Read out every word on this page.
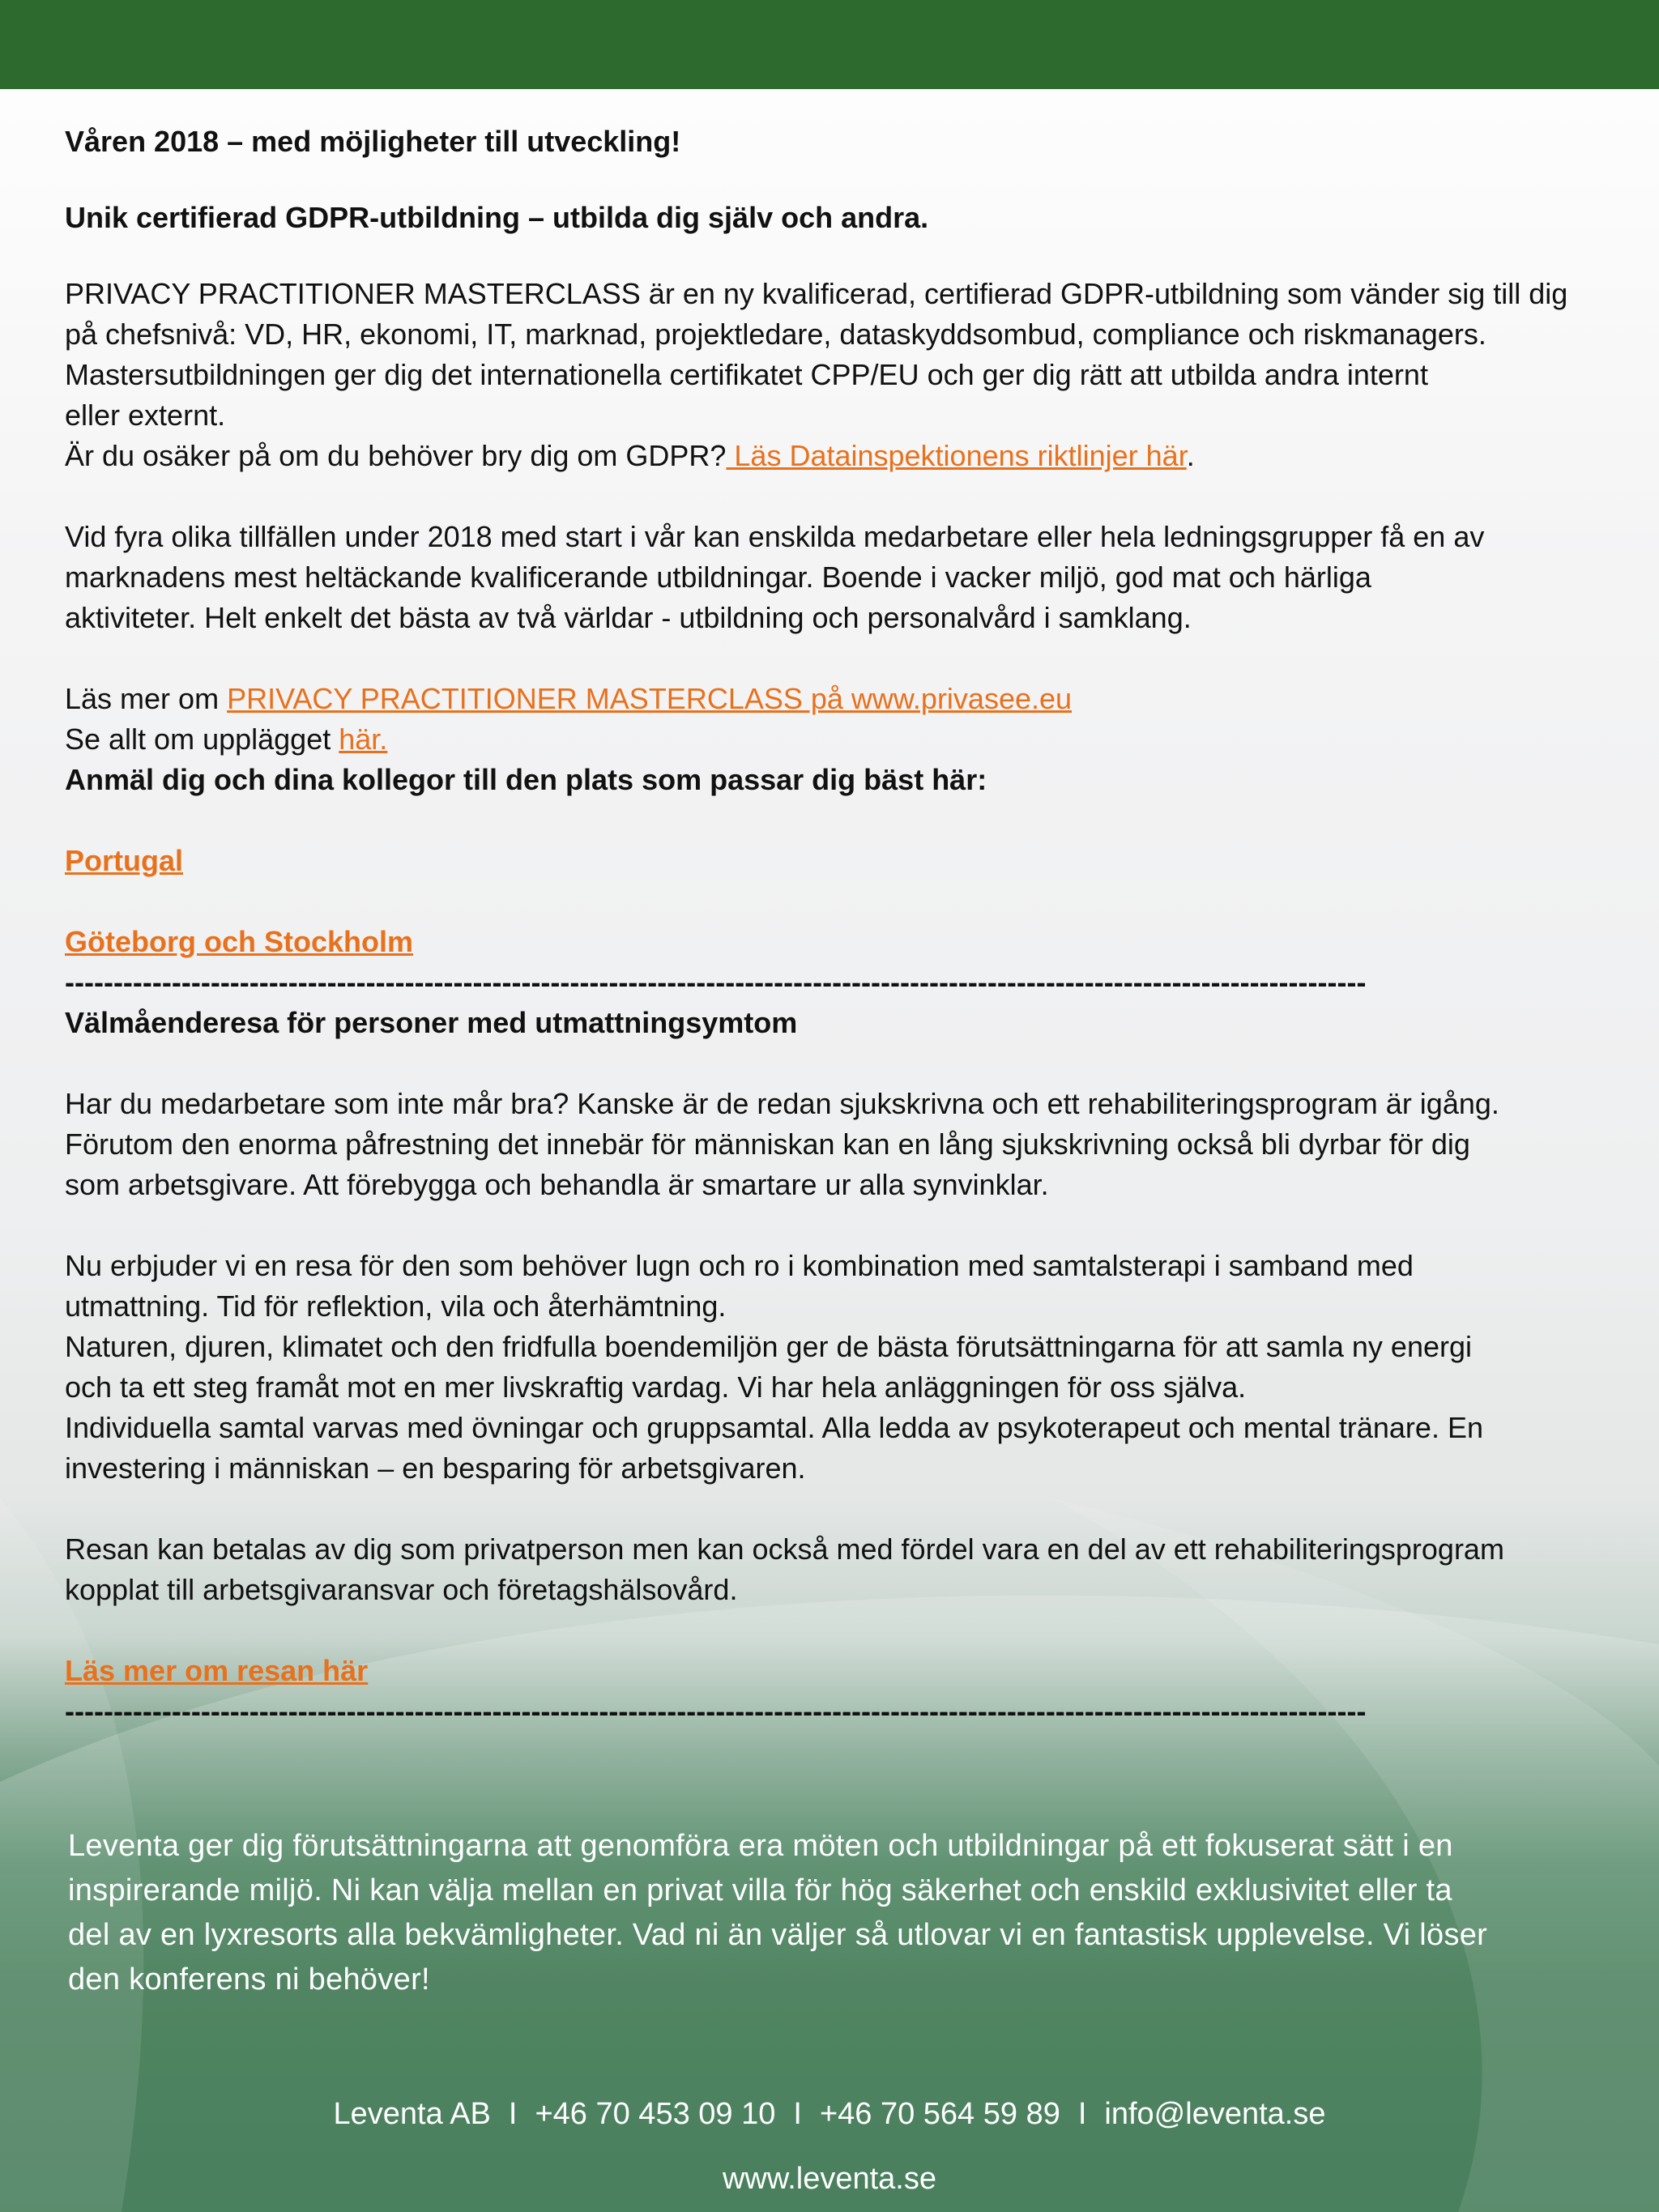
Våren 2018 – med möjligheter till utveckling!

Unik certifierad GDPR-utbildning – utbilda dig själv och andra.

PRIVACY PRACTITIONER MASTERCLASS är en ny kvalificerad, certifierad GDPR-utbildning som vänder sig till dig

på chefsnivå: VD, HR, ekonomi, IT, marknad, projektledare, dataskyddsombud, compliance och riskmanagers.

Mastersutbildningen ger dig det internationella certifikatet CPP/EU och ger dig rätt att utbilda andra internt

eller externt.

Är du osäker på om du behöver bry dig om GDPR? Läs Datainspektionens riktlinjer här.

Vid fyra olika tillfällen under 2018 med start i vår kan enskilda medarbetare eller hela ledningsgrupper få en av

marknadens mest heltäckande kvalificerande utbildningar. Boende i vacker miljö, god mat och härliga

aktiviteter. Helt enkelt det bästa av två världar - utbildning och personalvård i samklang.

Läs mer om PRIVACY PRACTITIONER MASTERCLASS på www.privasee.eu

Se allt om upplägget här.

Anmäl dig och dina kollegor till den plats som passar dig bäst här:

Portugal

Göteborg och Stockholm

--------------------------------------------------------------------------------------------------------------------------------------

Välmåenderesa för personer med utmattningsymtom

Har du medarbetare som inte mår bra? Kanske är de redan sjukskrivna och ett rehabiliteringsprogram är igång.

Förutom den enorma påfrestning det innebär för människan kan en lång sjukskrivning också bli dyrbar för dig

som arbetsgivare. Att förebygga och behandla är smartare ur alla synvinklar.

Nu erbjuder vi en resa för den som behöver lugn och ro i kombination med samtalsterapi i samband med

utmattning. Tid för reflektion, vila och återhämtning.

Naturen, djuren, klimatet och den fridfulla boendemiljön ger de bästa förutsättningarna för att samla ny energi

och ta ett steg framåt mot en mer livskraftig vardag. Vi har hela anläggningen för oss själva.

Individuella samtal varvas med övningar och gruppsamtal. Alla ledda av psykoterapeut och mental tränare. En

investering i människan – en besparing för arbetsgivaren.

Resan kan betalas av dig som privatperson men kan också med fördel vara en del av ett rehabiliteringsprogram

kopplat till arbetsgivaransvar och företagshälsovård.

Läs mer om resan här

--------------------------------------------------------------------------------------------------------------------------------------

Leventa ger dig förutsättningarna att genomföra era möten och utbildningar på ett fokuserat sätt i en
inspirerande miljö. Ni kan välja mellan en privat villa för hög säkerhet och enskild exklusivitet eller ta
del av en lyxresorts alla bekvämligheter. Vad ni än väljer så utlovar vi en fantastisk upplevelse. Vi löser
den konferens ni behöver!
Leventa AB I +46 70 453 09 10 I +46 70 564 59 89 I info@leventa.se
www.leventa.se
